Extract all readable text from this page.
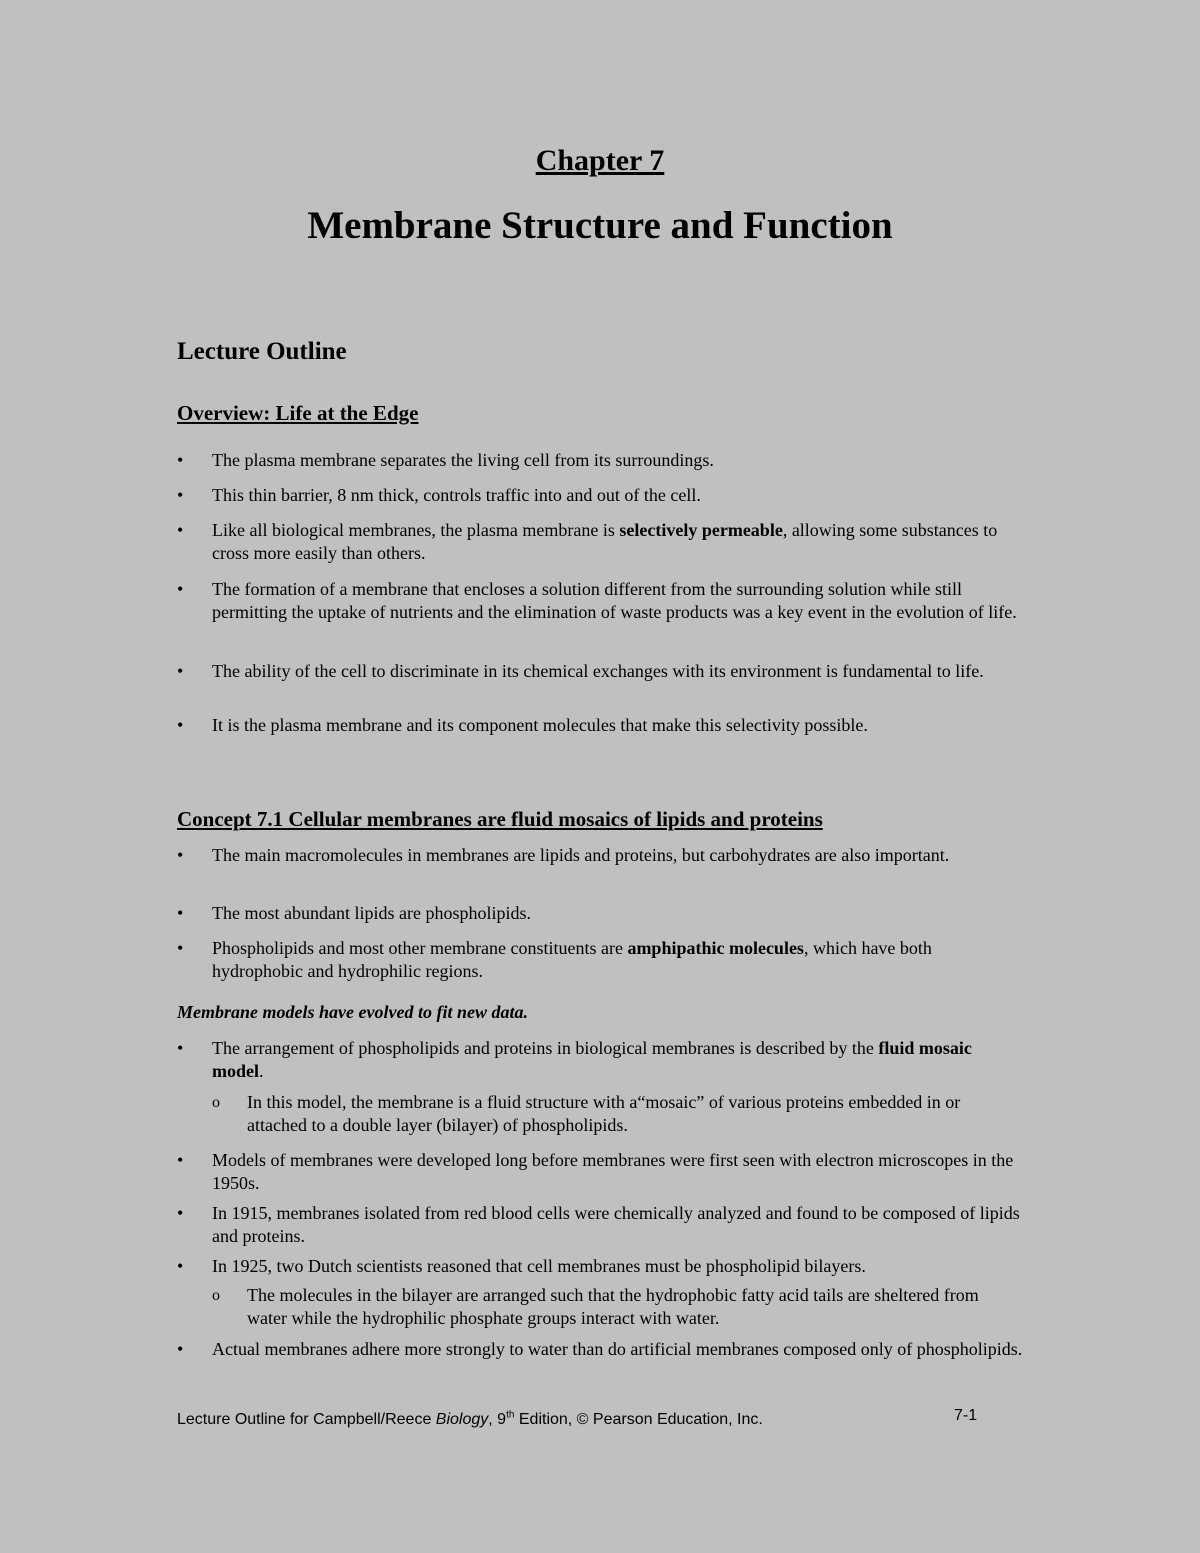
Chapter 7
Membrane Structure and Function
Lecture Outline
Overview: Life at the Edge
•	The plasma membrane separates the living cell from its surroundings.
•	This thin barrier, 8 nm thick, controls traffic into and out of the cell.
•	Like all biological membranes, the plasma membrane is selectively permeable, allowing some substances to cross more easily than others.
•	The formation of a membrane that encloses a solution different from the surrounding solution while still permitting the uptake of nutrients and the elimination of waste products was a key event in the evolution of life.
•	The ability of the cell to discriminate in its chemical exchanges with its environment is fundamental to life.
•	It is the plasma membrane and its component molecules that make this selectivity possible.
Concept 7.1 Cellular membranes are fluid mosaics of lipids and proteins
•	The main macromolecules in membranes are lipids and proteins, but carbohydrates are also important.
•	The most abundant lipids are phospholipids.
•	Phospholipids and most other membrane constituents are amphipathic molecules, which have both hydrophobic and hydrophilic regions.
Membrane models have evolved to fit new data.
•	The arrangement of phospholipids and proteins in biological membranes is described by the fluid mosaic model.
o	In this model, the membrane is a fluid structure with a“mosaic” of various proteins embedded in or attached to a double layer (bilayer) of phospholipids.
•	Models of membranes were developed long before membranes were first seen with electron microscopes in the 1950s.
•	In 1915, membranes isolated from red blood cells were chemically analyzed and found to be composed of lipids and proteins.
•	In 1925, two Dutch scientists reasoned that cell membranes must be phospholipid bilayers.
o	The molecules in the bilayer are arranged such that the hydrophobic fatty acid tails are sheltered from water while the hydrophilic phosphate groups interact with water.
•	Actual membranes adhere more strongly to water than do artificial membranes composed only of phospholipids.
Lecture Outline for Campbell/Reece Biology, 9th Edition, © Pearson Education, Inc.	7-1
